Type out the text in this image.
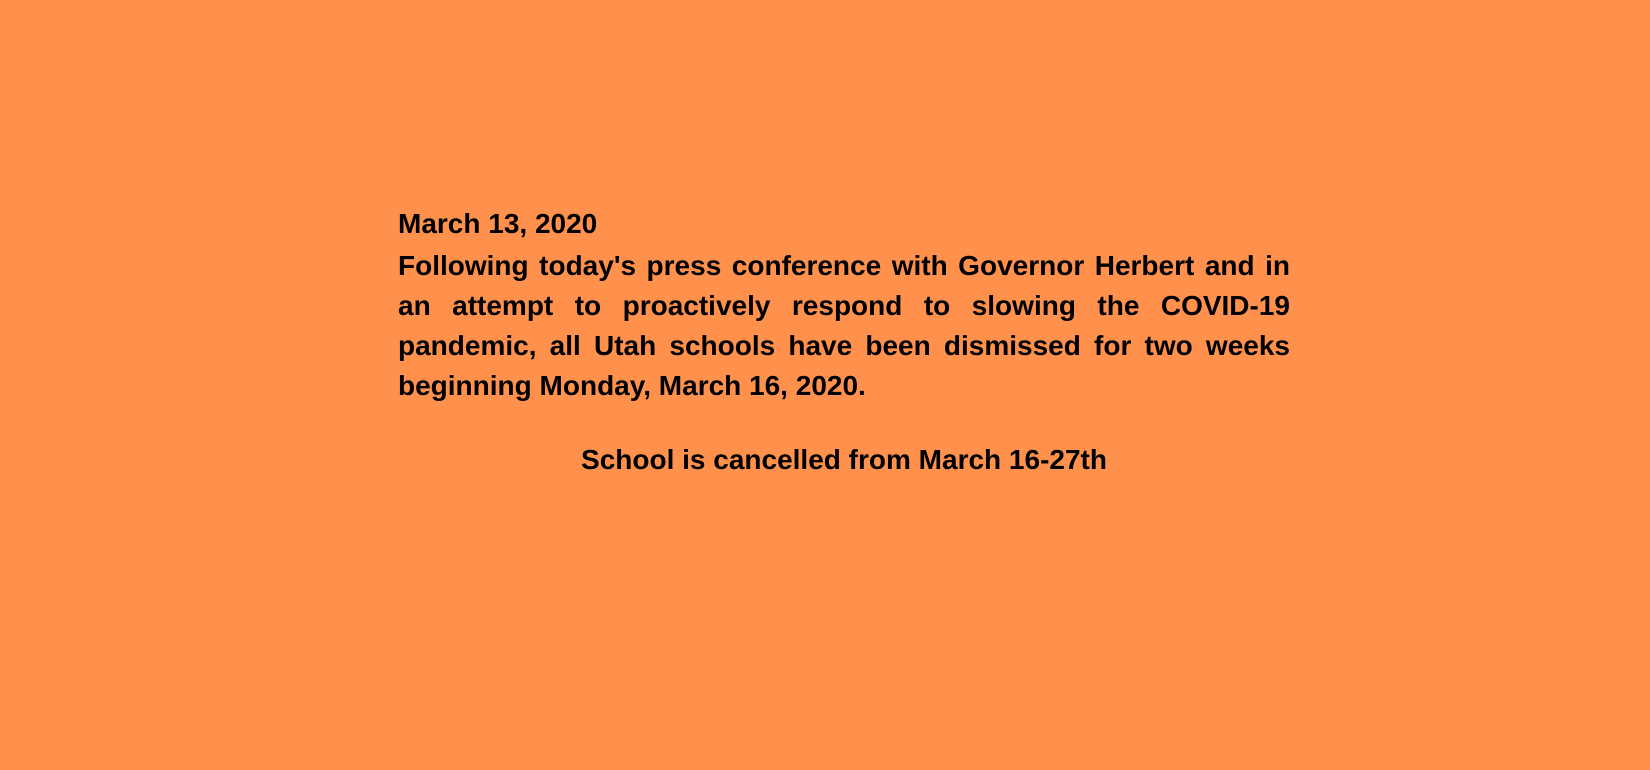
March 13, 2020

Following today's press conference with Governor Herbert and in an attempt to proactively respond to slowing the COVID-19 pandemic, all Utah schools have been dismissed for two weeks beginning Monday, March 16, 2020.

School is cancelled from March 16-27th
